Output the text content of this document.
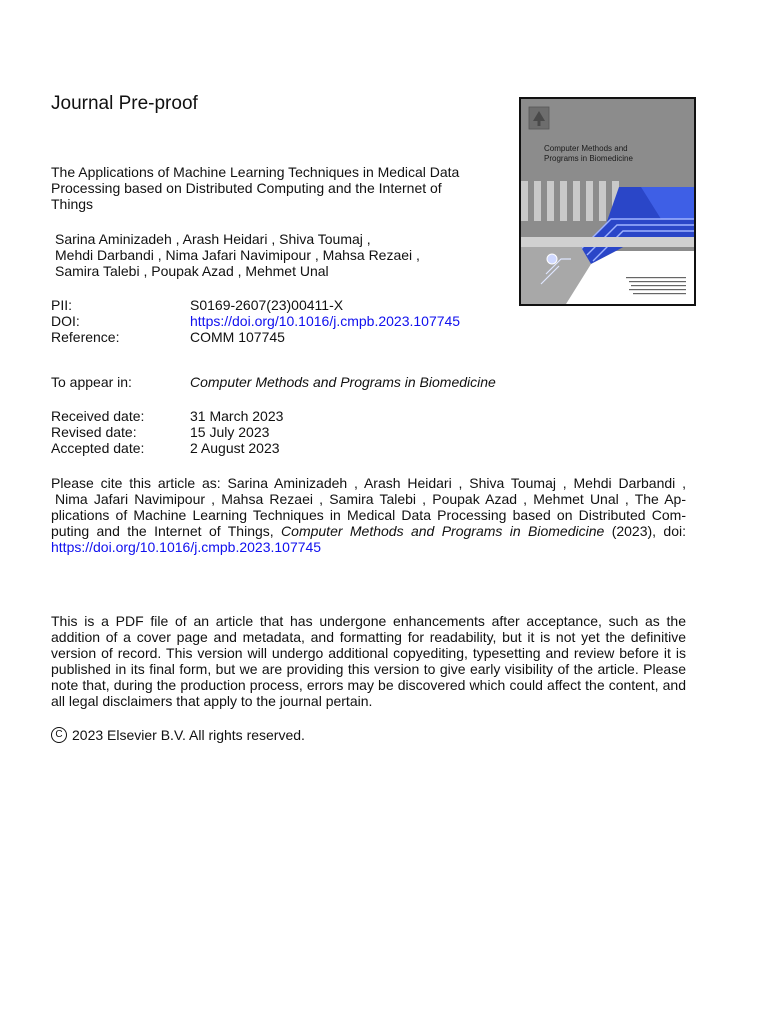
Journal Pre-proof
The Applications of Machine Learning Techniques in Medical Data Processing based on Distributed Computing and the Internet of Things
Sarina Aminizadeh , Arash Heidari , Shiva Toumaj ,
Mehdi Darbandi , Nima Jafari Navimipour , Mahsa Rezaei ,
Samira Talebi , Poupak Azad , Mehmet Unal
PII:	S0169-2607(23)00411-X
DOI:	https://doi.org/10.1016/j.cmpb.2023.107745
Reference:	COMM 107745
To appear in:	Computer Methods and Programs in Biomedicine
Received date:	31 March 2023
Revised date:	15 July 2023
Accepted date:	2 August 2023
Please cite this article as: Sarina Aminizadeh , Arash Heidari , Shiva Toumaj , Mehdi Darbandi ,
Nima Jafari Navimipour , Mahsa Rezaei , Samira Talebi , Poupak Azad , Mehmet Unal , The Ap-
plications of Machine Learning Techniques in Medical Data Processing based on Distributed Com-
puting and the Internet of Things, Computer Methods and Programs in Biomedicine (2023), doi:
https://doi.org/10.1016/j.cmpb.2023.107745
This is a PDF file of an article that has undergone enhancements after acceptance, such as the addition of a cover page and metadata, and formatting for readability, but it is not yet the definitive version of record. This version will undergo additional copyediting, typesetting and review before it is published in its final form, but we are providing this version to give early visibility of the article. Please note that, during the production process, errors may be discovered which could affect the content, and all legal disclaimers that apply to the journal pertain.
C 2023 Elsevier B.V. All rights reserved.
Computer Methods and
Programs in Biomedicine
